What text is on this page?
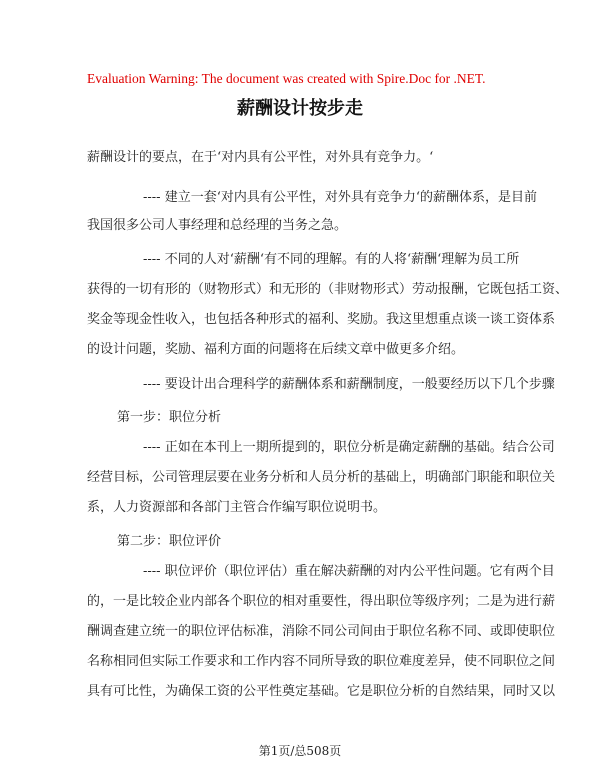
Evaluation Warning: The document was created with Spire.Doc for .NET.
薪酬设计按步走
薪酬设计的要点，在于‘对内具有公平性，对外具有竞争力。‘
---- 建立一套‘对内具有公平性，对外具有竞争力‘的薪酬体系，是目前
我国很多公司人事经理和总经理的当务之急。
---- 不同的人对‘薪酬‘有不同的理解。有的人将‘薪酬‘理解为员工所
获得的一切有形的（财物形式）和无形的（非财物形式）劳动报酬，它既包括工资、
奖金等现金性收入，也包括各种形式的福利、奖励。我这里想重点谈一谈工资体系
的设计问题，奖励、福利方面的问题将在后续文章中做更多介绍。
---- 要设计出合理科学的薪酬体系和薪酬制度，一般要经历以下几个步骤
第一步：职位分析
---- 正如在本刊上一期所提到的，职位分析是确定薪酬的基础。结合公司
经营目标，公司管理层要在业务分析和人员分析的基础上，明确部门职能和职位关
系，人力资源部和各部门主管合作编写职位说明书。
第二步：职位评价
---- 职位评价（职位评估）重在解决薪酬的对内公平性问题。它有两个目
的，一是比较企业内部各个职位的相对重要性，得出职位等级序列；二是为进行薪
酬调查建立统一的职位评估标准，消除不同公司间由于职位名称不同、或即使职位
名称相同但实际工作要求和工作内容不同所导致的职位难度差异，使不同职位之间
具有可比性，为确保工资的公平性奠定基础。它是职位分析的自然结果，同时又以
第1页/总508页
